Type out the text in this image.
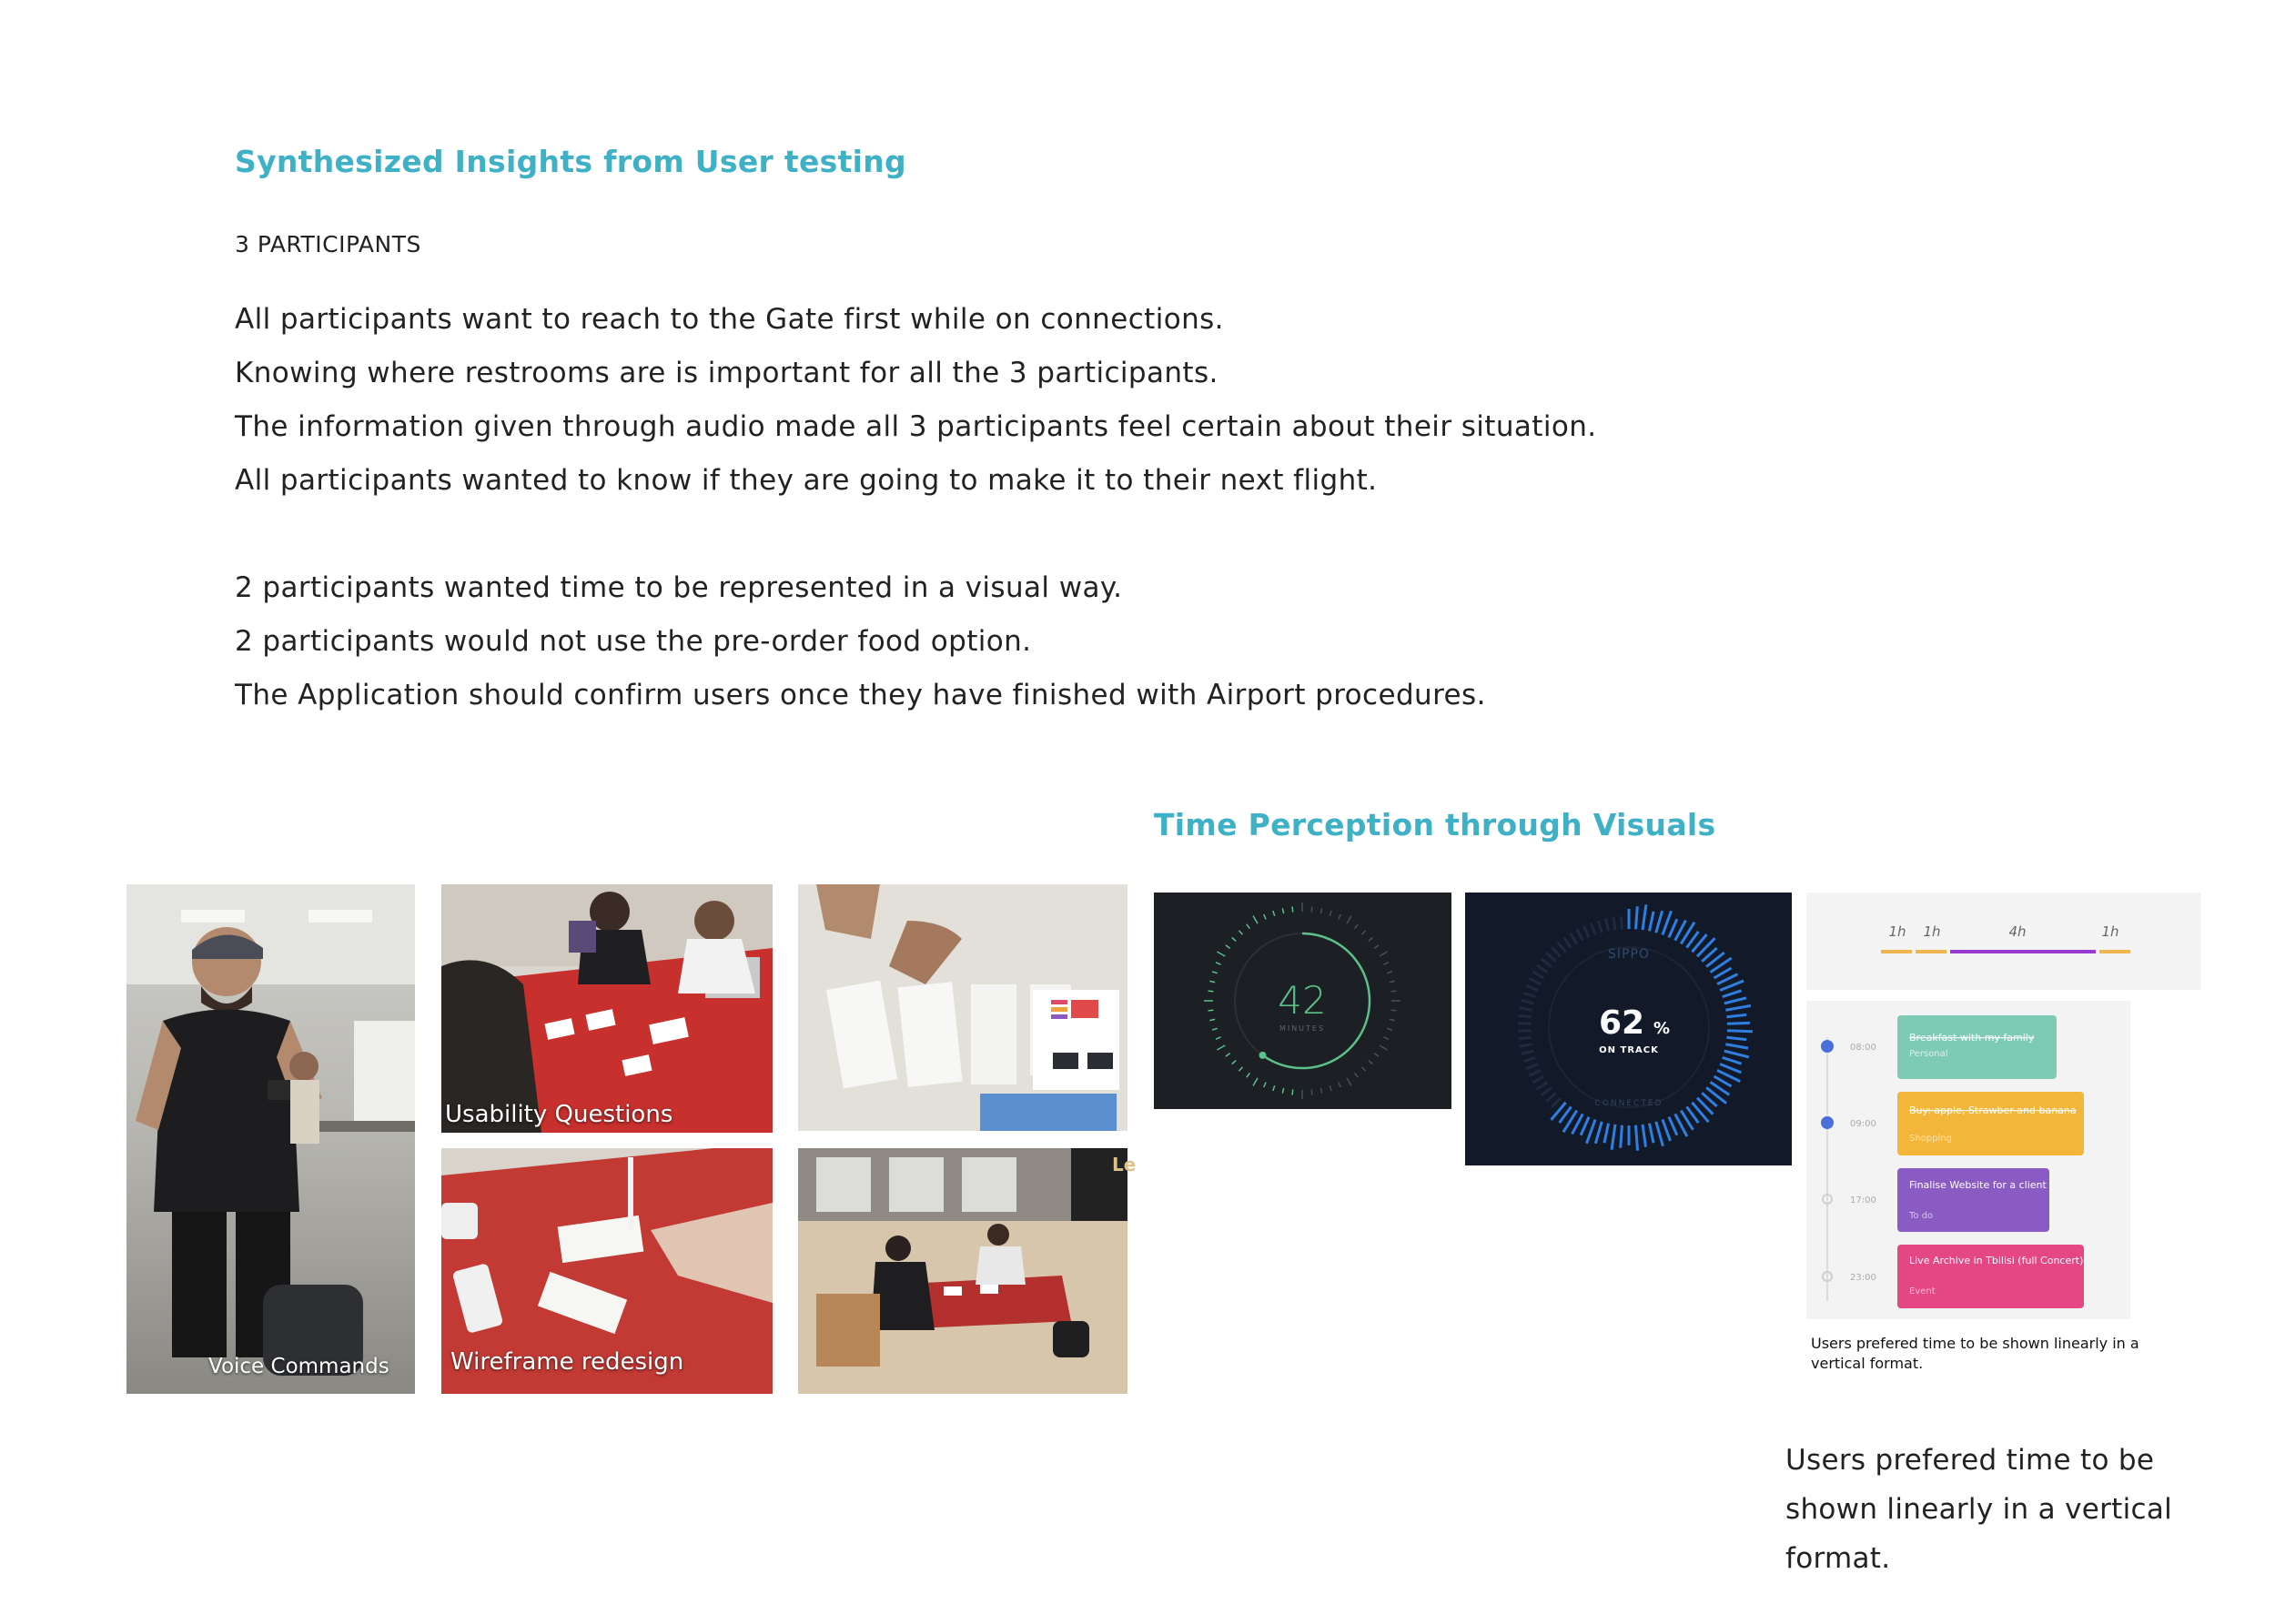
Synthesized Insights from User testing
3 PARTICIPANTS

All participants want to reach to the Gate first while on connections.

Knowing where restrooms are is important for all the 3 participants.

The information given through audio made all 3 participants feel certain about their situation.

All participants wanted to know if they are going to make it to their next flight.

2 participants wanted time to be represented in a visual way.

2 participants would not use the pre-order food option.

The Application should confirm users once they have finished with Airport procedures.

Voice Commands
Usability Questions
Wireframe redesign
Le
Time Perception through Visuals
42
MINUTES
SIPPO
62 %
ON TRACK
CONNECTED
1h 1h	4h	1h
08:00
09:00
17:00
23:00
Breakfast with my family
Personal
Buy: apple, Strawber and banana
Shopping
Finalise Website for a client
To do
Live Archive in Tbilisi (full Concert)
Event
Users prefered time to be shown linearly in a vertical format.
Users prefered time to be shown linearly in a vertical format.
